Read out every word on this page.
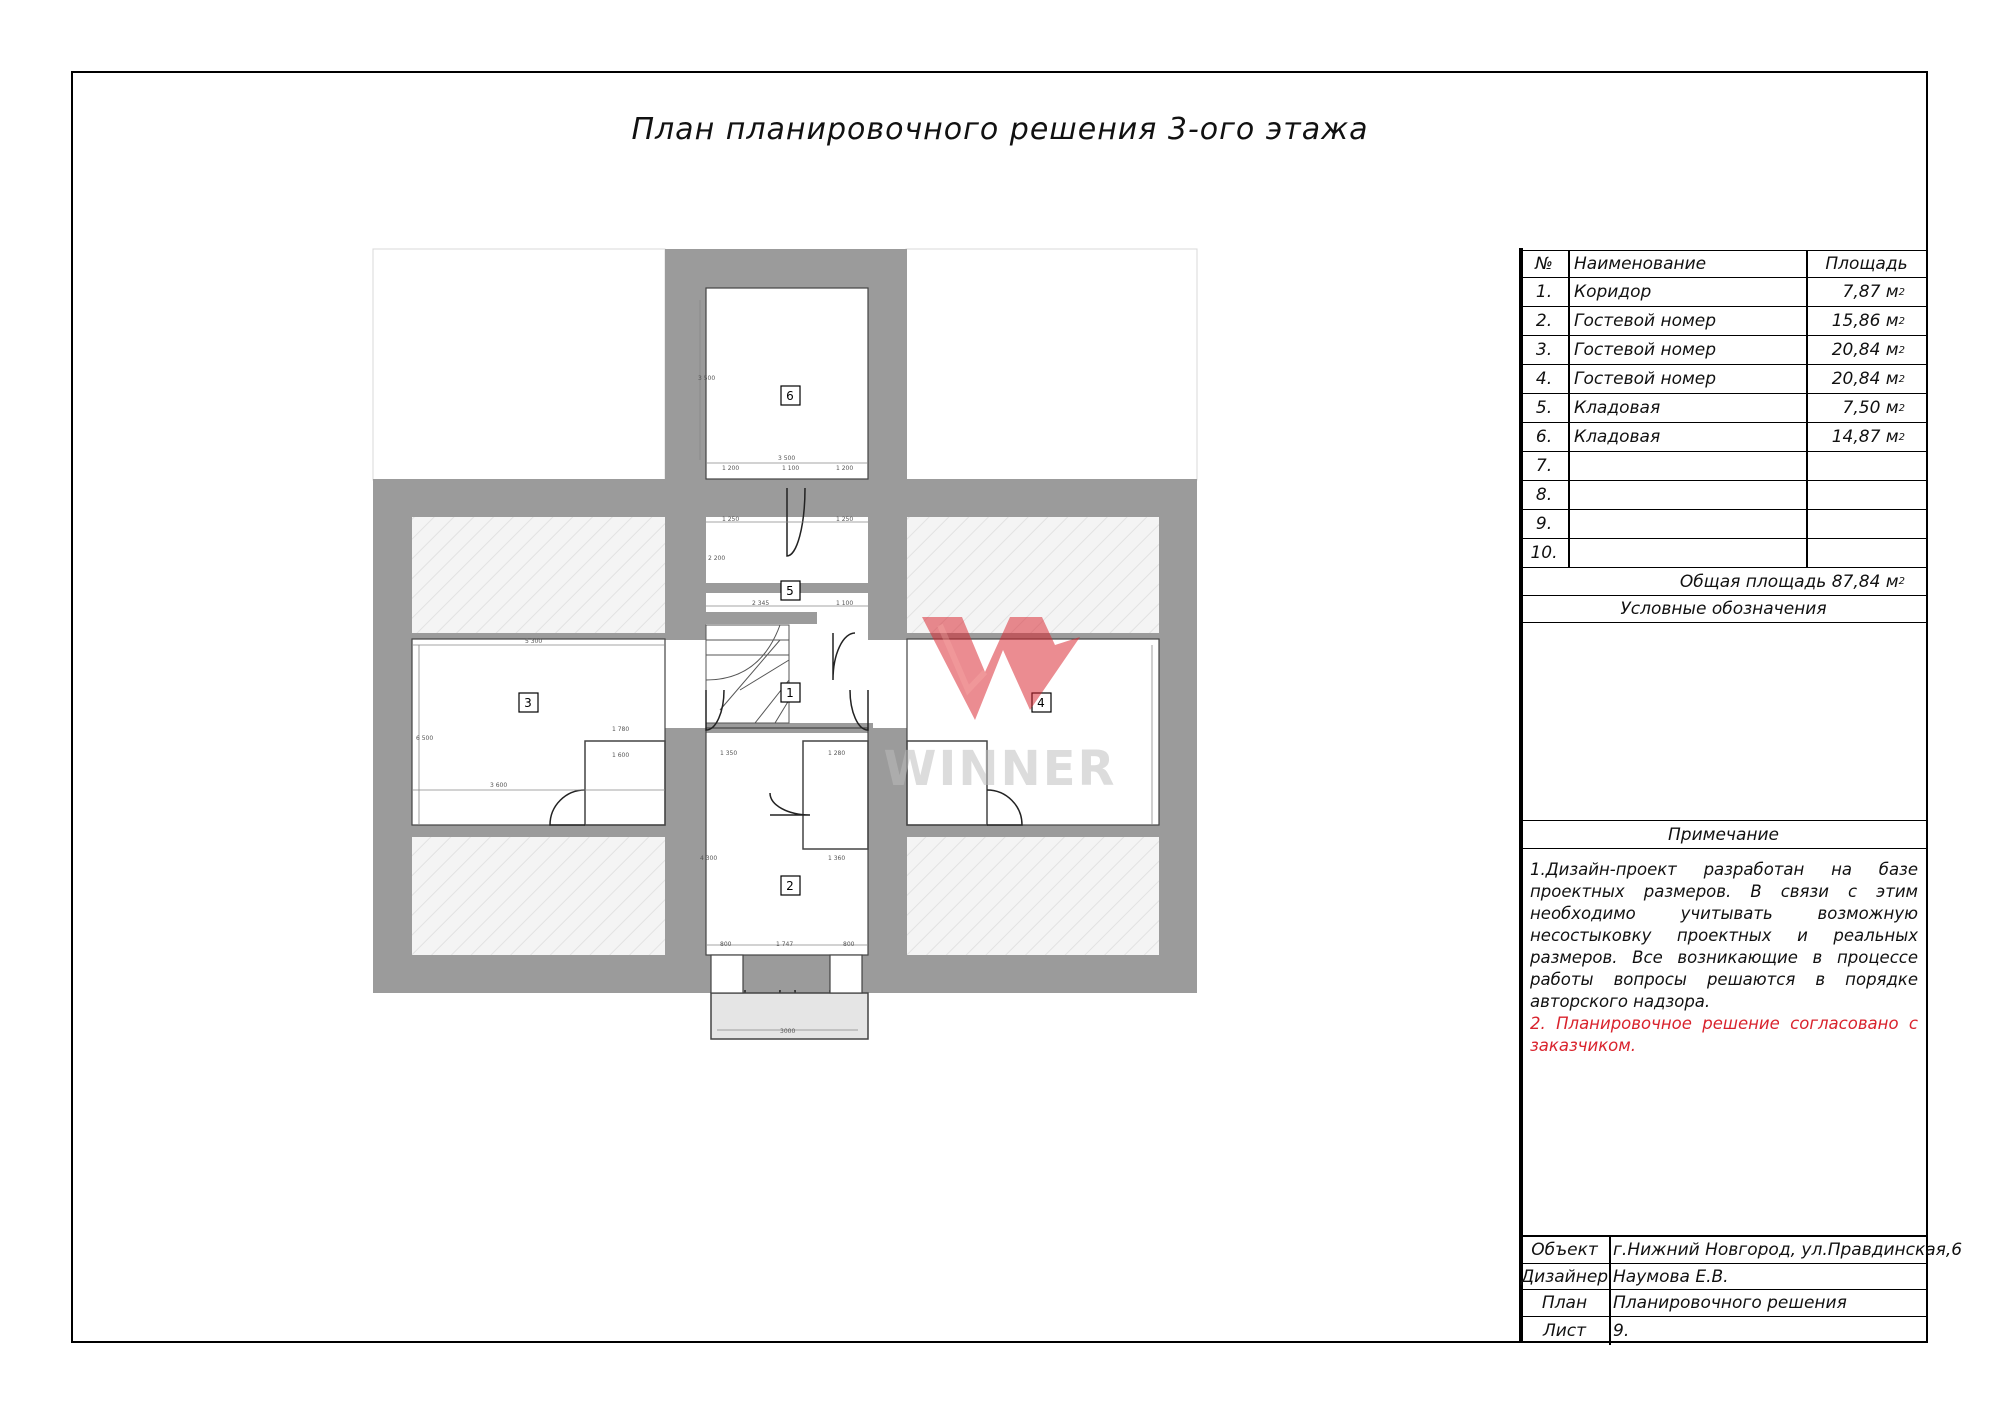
План планировочного решения 3-ого этажа
3 500
1 200	1 100	1 200
1 250	1 250
2 345	1 100
2 200
5 300
3 600
1 780
1 600	1 350	1 280
1 360
1 747
800	800
3000
4 300
3 500
6 500
6
5
1
3	4
2
WINNER
№ Наименование	Площадь
1. Коридор	7,87 м 2
2. Гостевой номер	15,86 м 2
3. Гостевой номер	20,84 м 2
4. Гостевой номер	20,84 м 2
5. Кладовая	7,50 м 2
6. Кладовая	14,87 м 2
7.
8.
9.
10.
Общая площадь 87,84 м 2
Условные обозначения
Примечание
Объект г.Нижний Новгород, ул.Правдинская,6
Дизайнер Наумова Е.В.
План Планировочного решения
Лист 9.
1.Дизайн-проект разработан на базе проектных размеров. В связи с этим необходимо учитывать возможную несостыковку проектных и реальных размеров. Все возникающие в процессе работы вопросы решаются в порядке авторского надзора.
2. Планировочное решение согласовано с заказчиком.
